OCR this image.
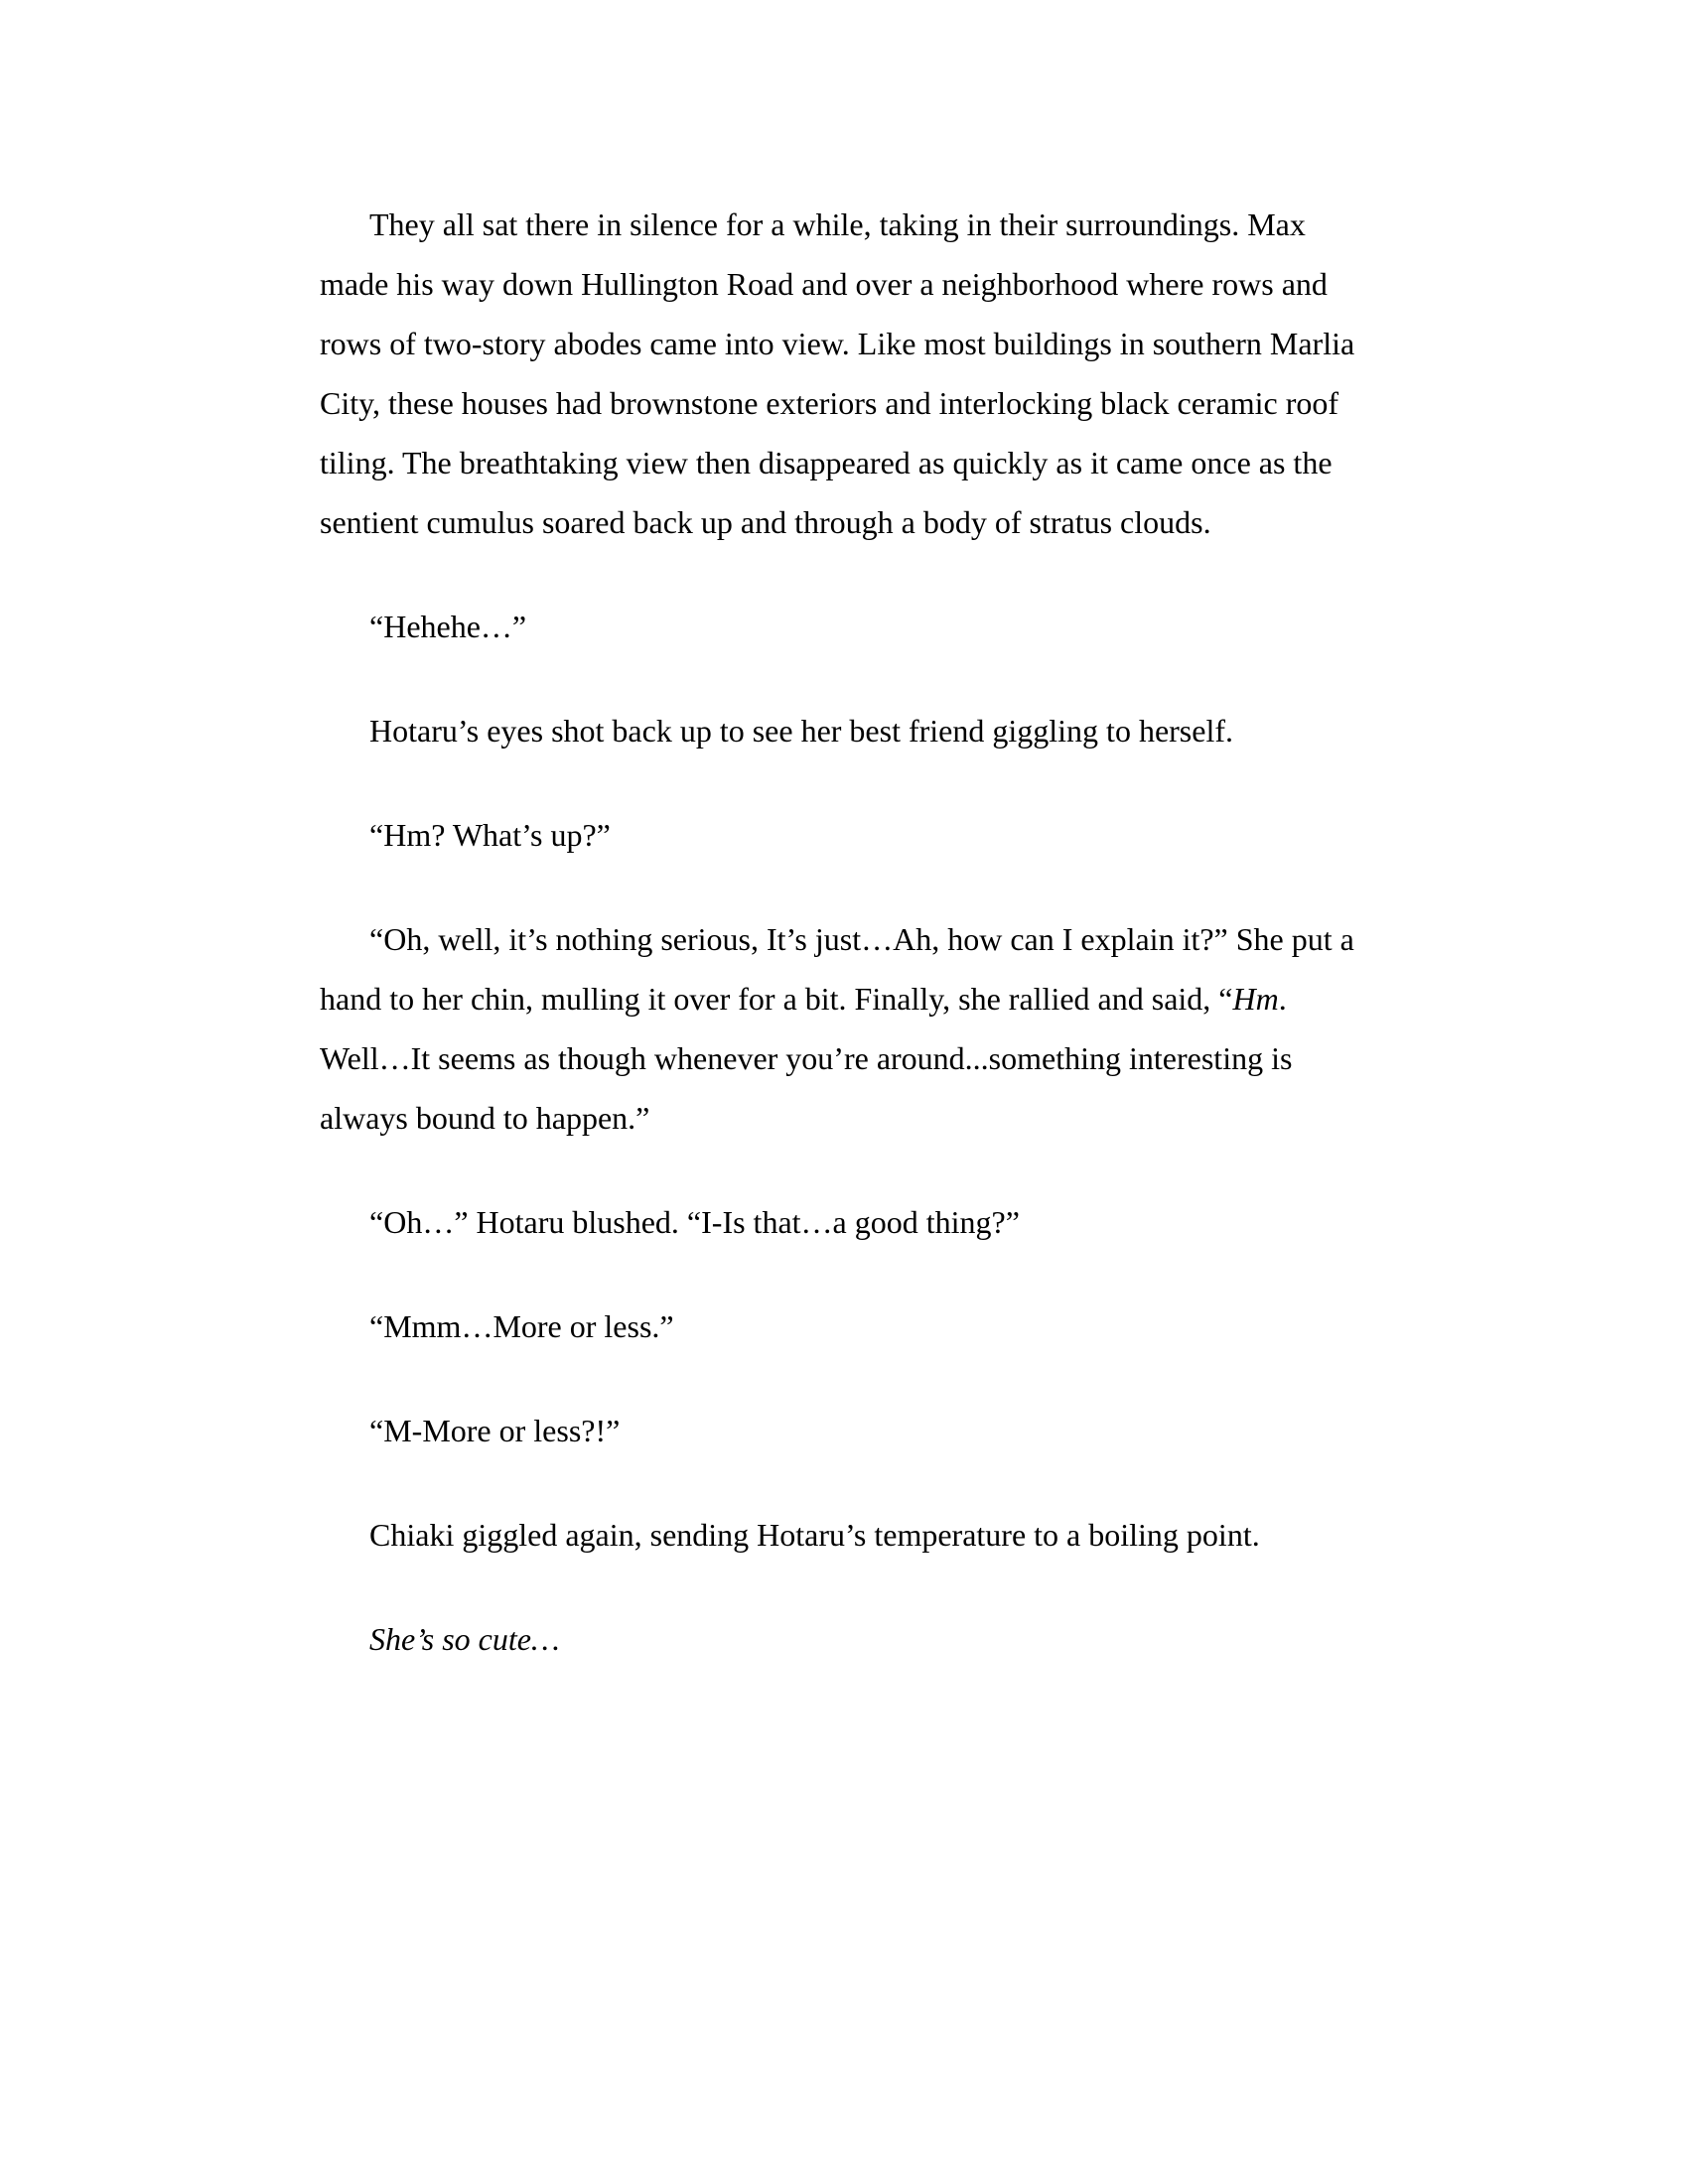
They all sat there in silence for a while, taking in their surroundings. Max made his way down Hullington Road and over a neighborhood where rows and rows of two-story abodes came into view. Like most buildings in southern Marlia City, these houses had brownstone exteriors and interlocking black ceramic roof tiling. The breathtaking view then disappeared as quickly as it came once as the sentient cumulus soared back up and through a body of stratus clouds.

“Hehehe…”

Hotaru’s eyes shot back up to see her best friend giggling to herself.

“Hm? What’s up?”

“Oh, well, it’s nothing serious, It’s just…Ah, how can I explain it?” She put a hand to her chin, mulling it over for a bit. Finally, she rallied and said, “Hm. Well…It seems as though whenever you’re around...something interesting is always bound to happen.”

“Oh…” Hotaru blushed. “I-Is that…a good thing?”

“Mmm…More or less.”

“M-More or less?!”

Chiaki giggled again, sending Hotaru’s temperature to a boiling point.

She’s so cute…
